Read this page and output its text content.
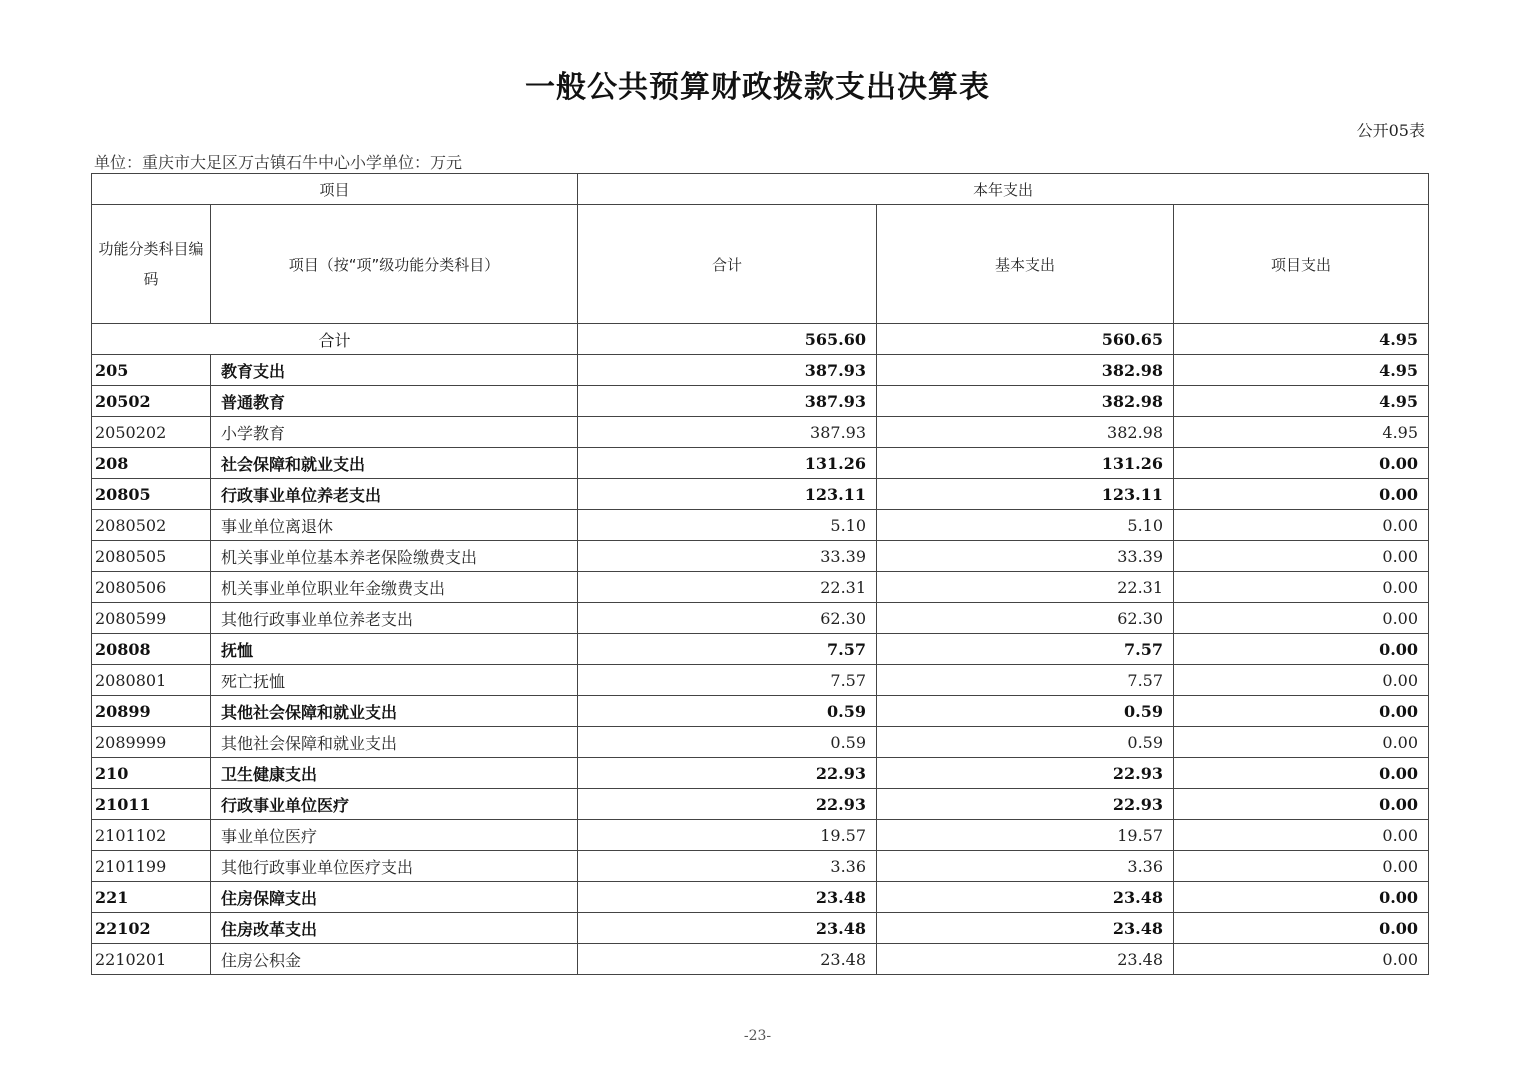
一般公共预算财政拨款支出决算表
公开05表
单位：重庆市大足区万古镇石牛中心小学单位：万元
项目		本年支出		
功能分类科目编码	项目（按“项”级功能分类科目）	合计	基本支出	项目支出
合计		565.60	560.65	4.95
205	教育支出	387.93	382.98	4.95
20502	普通教育	387.93	382.98	4.95
2050202	小学教育	387.93	382.98	4.95
208	社会保障和就业支出	131.26	131.26	0.00
20805	行政事业单位养老支出	123.11	123.11	0.00
2080502	事业单位离退休	5.10	5.10	0.00
2080505	机关事业单位基本养老保险缴费支出	33.39	33.39	0.00
2080506	机关事业单位职业年金缴费支出	22.31	22.31	0.00
2080599	其他行政事业单位养老支出	62.30	62.30	0.00
20808	抚恤	7.57	7.57	0.00
2080801	死亡抚恤	7.57	7.57	0.00
20899	其他社会保障和就业支出	0.59	0.59	0.00
2089999	其他社会保障和就业支出	0.59	0.59	0.00
210	卫生健康支出	22.93	22.93	0.00
21011	行政事业单位医疗	22.93	22.93	0.00
2101102	事业单位医疗	19.57	19.57	0.00
2101199	其他行政事业单位医疗支出	3.36	3.36	0.00
221	住房保障支出	23.48	23.48	0.00
22102	住房改革支出	23.48	23.48	0.00
2210201	住房公积金	23.48	23.48	0.00
-23-
